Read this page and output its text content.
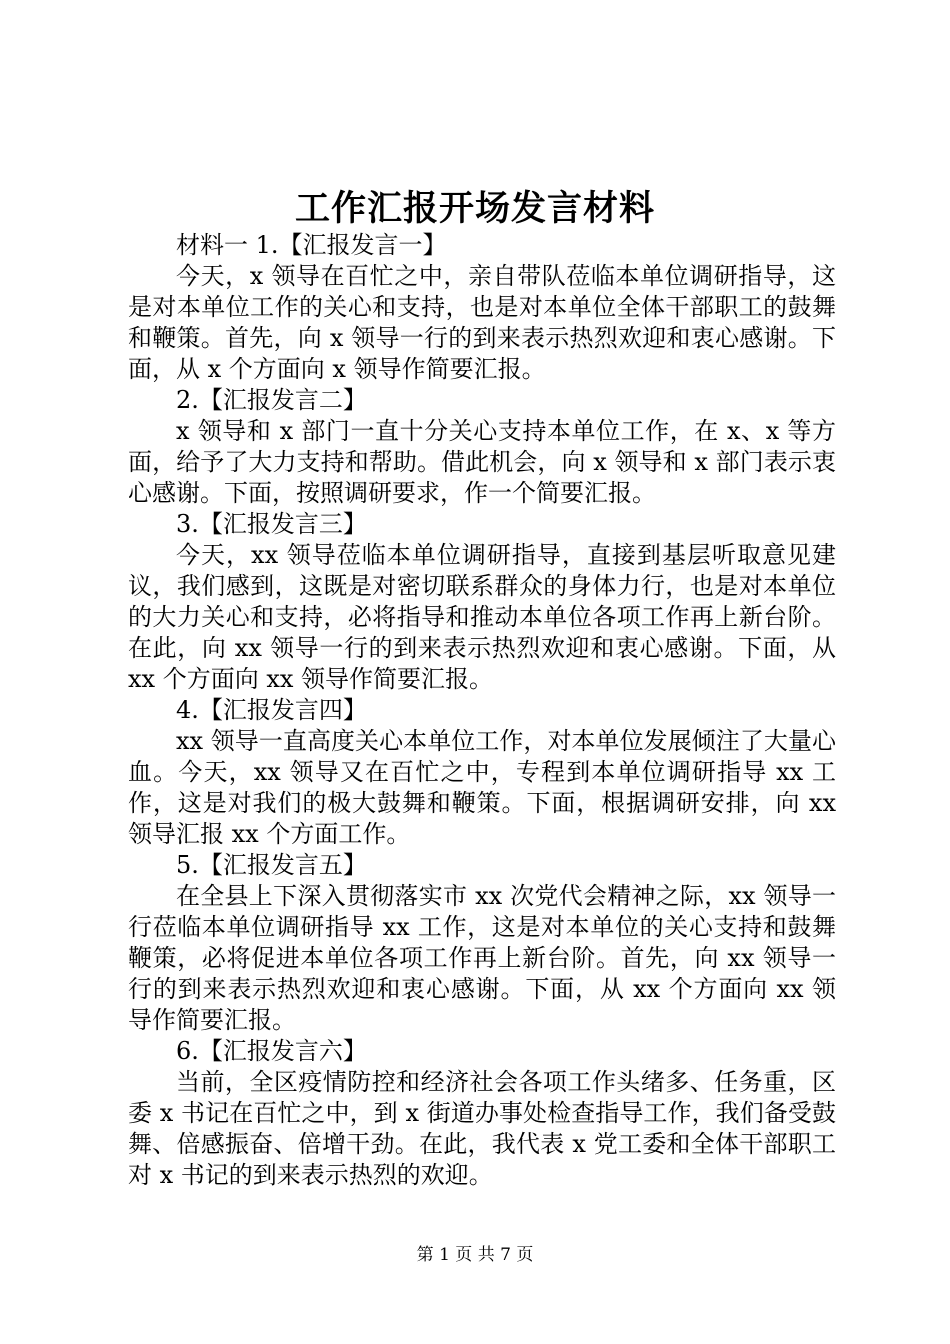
工作汇报开场发言材料

材料一 1.【汇报发言一】

今天，x 领导在百忙之中，亲自带队莅临本单位调研指导，这是对本单位工作的关心和支持，也是对本单位全体干部职工的鼓舞和鞭策。首先，向 x 领导一行的到来表示热烈欢迎和衷心感谢。下面，从 x 个方面向 x 领导作简要汇报。

2.【汇报发言二】

x 领导和 x 部门一直十分关心支持本单位工作，在 x、x 等方面，给予了大力支持和帮助。借此机会，向 x 领导和 x 部门表示衷心感谢。下面，按照调研要求，作一个简要汇报。

3.【汇报发言三】

今天，xx 领导莅临本单位调研指导，直接到基层听取意见建议，我们感到，这既是对密切联系群众的身体力行，也是对本单位的大力关心和支持，必将指导和推动本单位各项工作再上新台阶。在此，向 xx 领导一行的到来表示热烈欢迎和衷心感谢。下面，从 xx 个方面向 xx 领导作简要汇报。

4.【汇报发言四】

xx 领导一直高度关心本单位工作，对本单位发展倾注了大量心血。今天，xx 领导又在百忙之中，专程到本单位调研指导 xx 工作，这是对我们的极大鼓舞和鞭策。下面，根据调研安排，向 xx 领导汇报 xx 个方面工作。

5.【汇报发言五】

在全县上下深入贯彻落实市 xx 次党代会精神之际，xx 领导一行莅临本单位调研指导 xx 工作，这是对本单位的关心支持和鼓舞鞭策，必将促进本单位各项工作再上新台阶。首先，向 xx 领导一行的到来表示热烈欢迎和衷心感谢。下面，从 xx 个方面向 xx 领导作简要汇报。

6.【汇报发言六】

当前，全区疫情防控和经济社会各项工作头绪多、任务重，区委 x 书记在百忙之中，到 x 街道办事处检查指导工作，我们备受鼓舞、倍感振奋、倍增干劲。在此，我代表 x 党工委和全体干部职工对 x 书记的到来表示热烈的欢迎。

第 1 页 共 7 页
